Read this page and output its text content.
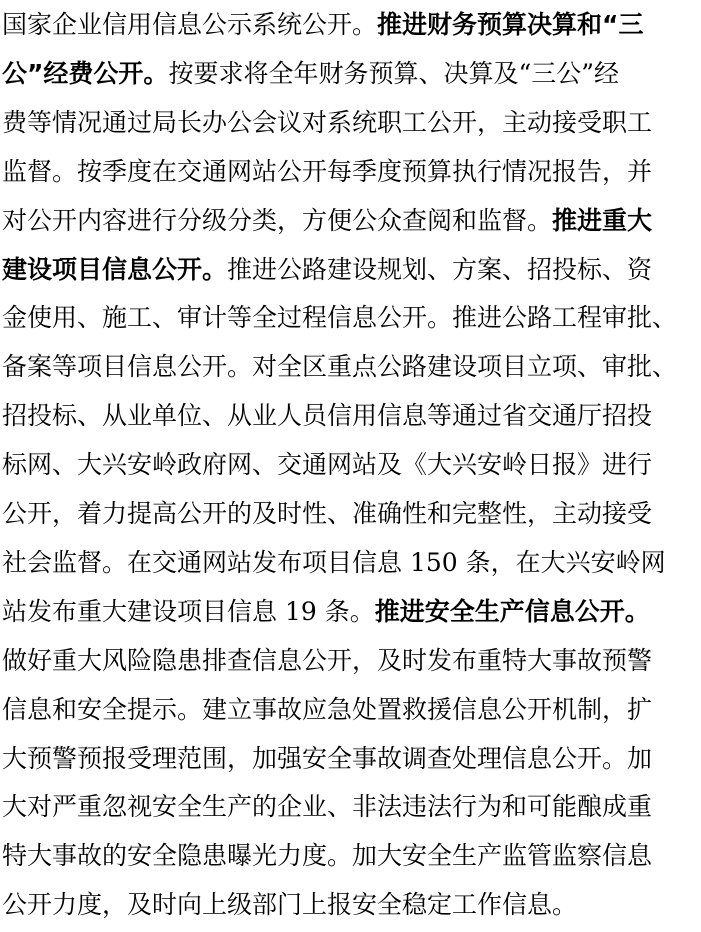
国家企业信用信息公示系统公开。推进财务预算决算和“三
公”经费公开。按要求将全年财务预算、决算及“三公”经
费等情况通过局长办公会议对系统职工公开，主动接受职工
监督。按季度在交通网站公开每季度预算执行情况报告，并
对公开内容进行分级分类，方便公众查阅和监督。推进重大
建设项目信息公开。推进公路建设规划、方案、招投标、资
金使用、施工、审计等全过程信息公开。推进公路工程审批、
备案等项目信息公开。对全区重点公路建设项目立项、审批、
招投标、从业单位、从业人员信用信息等通过省交通厅招投
标网、大兴安岭政府网、交通网站及《大兴安岭日报》进行
公开，着力提高公开的及时性、准确性和完整性，主动接受
社会监督。在交通网站发布项目信息 150 条，在大兴安岭网
站发布重大建设项目信息 19 条。推进安全生产信息公开。
做好重大风险隐患排查信息公开，及时发布重特大事故预警
信息和安全提示。建立事故应急处置救援信息公开机制，扩
大预警预报受理范围，加强安全事故调查处理信息公开。加
大对严重忽视安全生产的企业、非法违法行为和可能酿成重
特大事故的安全隐患曝光力度。加大安全生产监管监察信息
公开力度，及时向上级部门上报安全稳定工作信息。
